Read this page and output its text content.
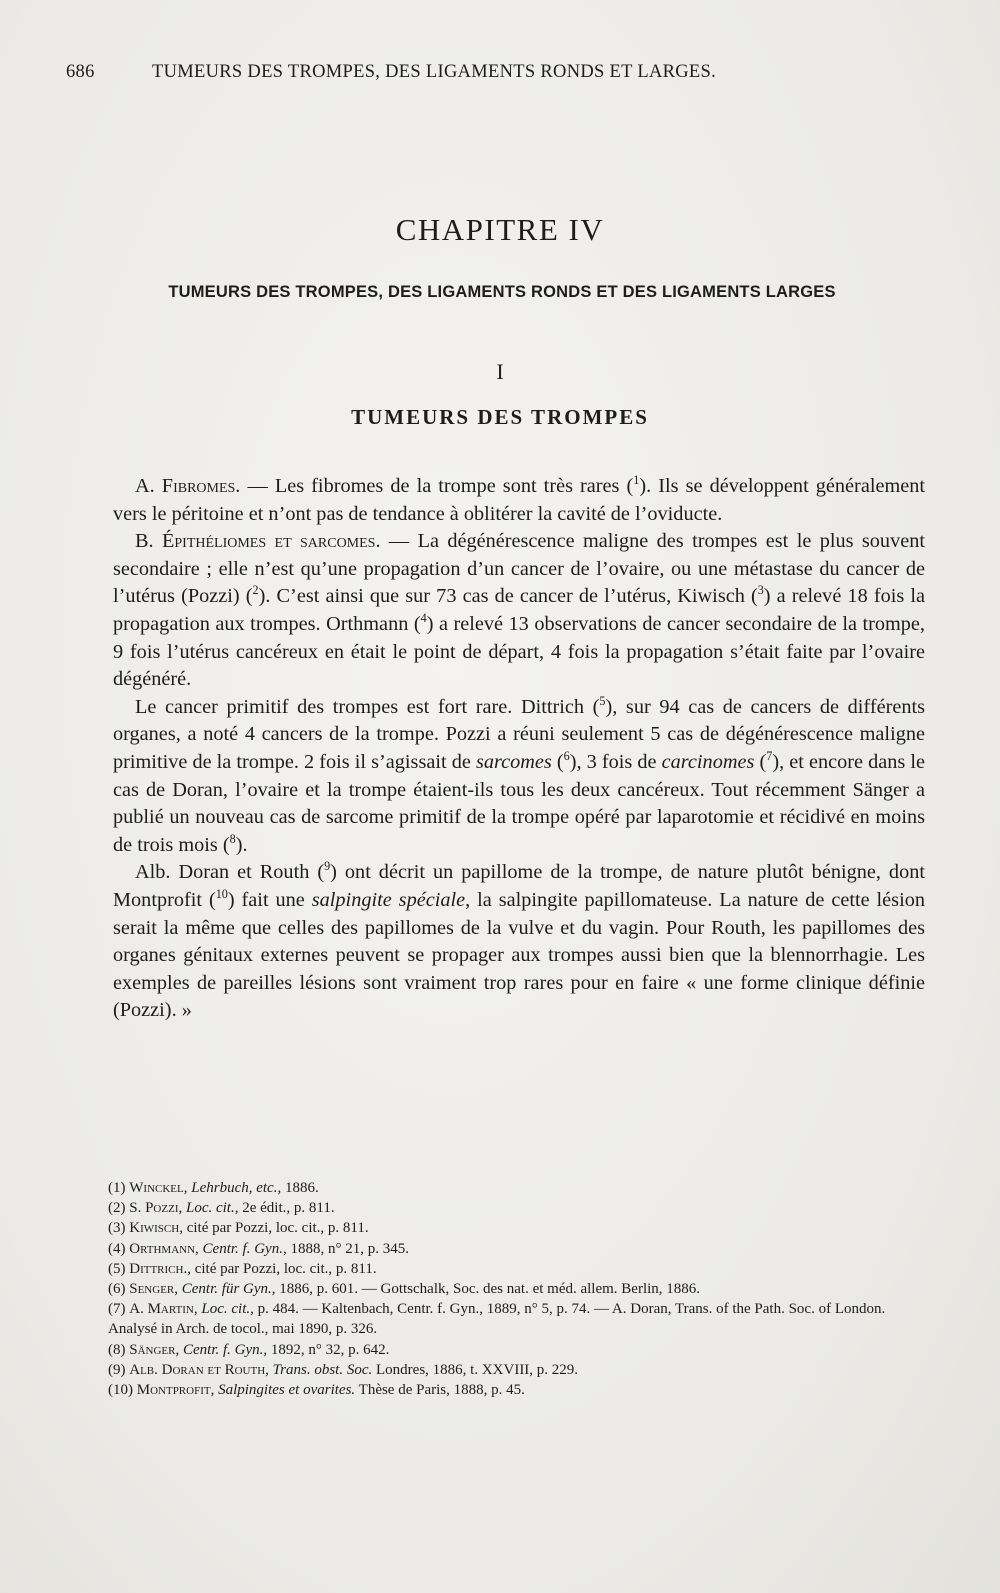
686	TUMEURS DES TROMPES, DES LIGAMENTS RONDS ET LARGES.
CHAPITRE IV
TUMEURS DES TROMPES, DES LIGAMENTS RONDS ET DES LIGAMENTS LARGES
I
TUMEURS DES TROMPES

A. Fibromes. — Les fibromes de la trompe sont très rares ($^1$). Ils se développent généralement vers le péritoine et n’ont pas de tendance à oblitérer la cavité de l’oviducte.

B. Épithéliomes et sarcomes. — La dégénérescence maligne des trompes est le plus souvent secondaire ; elle n’est qu’une propagation d’un cancer de l’ovaire, ou une métastase du cancer de l’utérus (Pozzi) ($^2$). C’est ainsi que sur 73 cas de cancer de l’utérus, Kiwisch ($^3$) a relevé 18 fois la propagation aux trompes. Orthmann ($^4$) a relevé 13 observations de cancer secondaire de la trompe, 9 fois l’utérus cancéreux en était le point de départ, 4 fois la propagation s’était faite par l’ovaire dégénéré.

Le cancer primitif des trompes est fort rare. Dittrich ($^5$), sur 94 cas de cancers de différents organes, a noté 4 cancers de la trompe. Pozzi a réuni seulement 5 cas de dégénérescence maligne primitive de la trompe. 2 fois il s’agissait de sarcomes ($^6$), 3 fois de carcinomes ($^7$), et encore dans le cas de Doran, l’ovaire et la trompe étaient-ils tous les deux cancéreux. Tout récemment Sänger a publié un nouveau cas de sarcome primitif de la trompe opéré par laparotomie et récidivé en moins de trois mois ($^8$).

Alb. Doran et Routh ($^9$) ont décrit un papillome de la trompe, de nature plutôt bénigne, dont Montprofit ($^{10}$) fait une salpingite spéciale, la salpingite papillomateuse. La nature de cette lésion serait la même que celles des papillomes de la vulve et du vagin. Pour Routh, les papillomes des organes génitaux externes peuvent se propager aux trompes aussi bien que la blennorrhagie. Les exemples de pareilles lésions sont vraiment trop rares pour en faire « une forme clinique définie (Pozzi). »

(1) Winckel, Lehrbuch, etc., 1886.

(2) S. Pozzi, Loc. cit., 2e édit., p. 811.

(3) Kiwisch, cité par Pozzi, loc. cit., p. 811.

(4) Orthmann, Centr. f. Gyn., 1888, n° 21, p. 345.

(5) Dittrich., cité par Pozzi, loc. cit., p. 811.

(6) Senger, Centr. für Gyn., 1886, p. 601. — Gottschalk, Soc. des nat. et méd. allem. Berlin, 1886.

(7) A. Martin, Loc. cit., p. 484. — Kaltenbach, Centr. f. Gyn., 1889, n° 5, p. 74. — A. Doran, Trans. of the Path. Soc. of London. Analysé in Arch. de tocol., mai 1890, p. 326.

(8) Sänger, Centr. f. Gyn., 1892, n° 32, p. 642.

(9) Alb. Doran et Routh, Trans. obst. Soc. Londres, 1886, t. XXVIII, p. 229.

(10) Montprofit, Salpingites et ovarites. Thèse de Paris, 1888, p. 45.
